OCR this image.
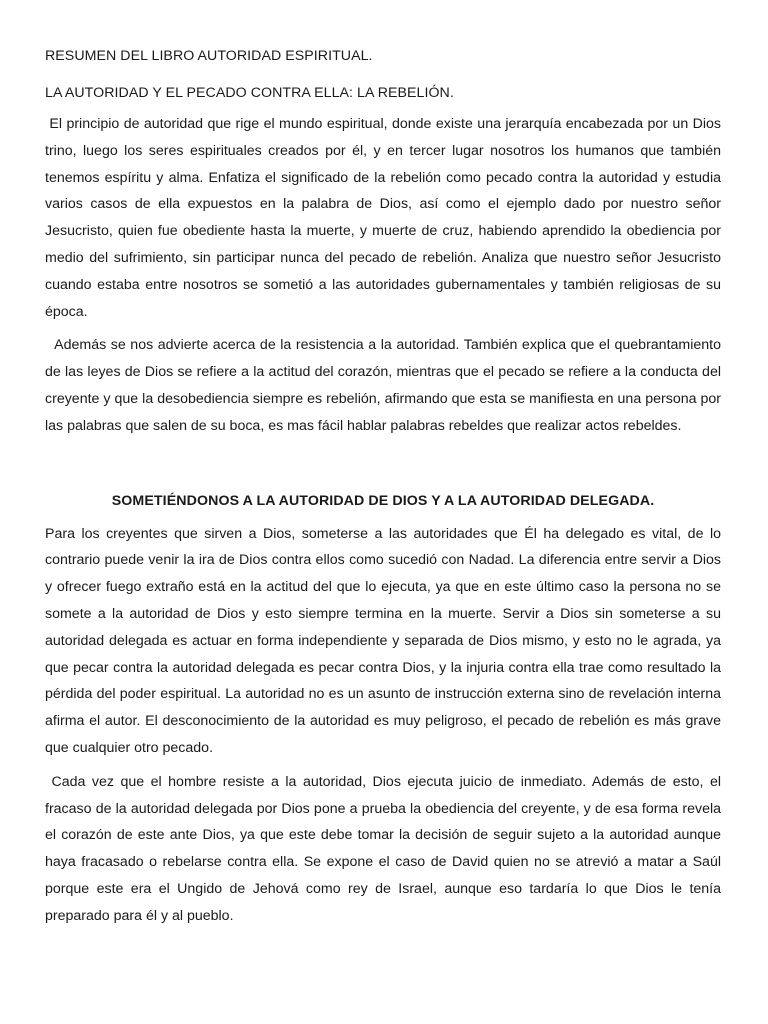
RESUMEN DEL LIBRO AUTORIDAD ESPIRITUAL.

LA AUTORIDAD Y EL PECADO CONTRA ELLA: LA REBELIÓN.

El principio de autoridad que rige el mundo espiritual, donde existe una jerarquía encabezada por un Dios trino, luego los seres espirituales creados por él, y en tercer lugar nosotros los humanos que también tenemos espíritu y alma. Enfatiza el significado de la rebelión como pecado contra la autoridad y estudia varios casos de ella expuestos en la palabra de Dios, así como el ejemplo dado por nuestro señor Jesucristo, quien fue obediente hasta la muerte, y muerte de cruz, habiendo aprendido la obediencia por medio del sufrimiento, sin participar nunca del pecado de rebelión. Analiza que nuestro señor Jesucristo cuando estaba entre nosotros se sometió a las autoridades gubernamentales y también religiosas de su época.

Además se nos advierte acerca de la resistencia a la autoridad. También explica que el quebrantamiento de las leyes de Dios se refiere a la actitud del corazón, mientras que el pecado se refiere a la conducta del creyente y que la desobediencia siempre es rebelión, afirmando que esta se manifiesta en una persona por las palabras que salen de su boca, es mas fácil hablar palabras rebeldes que realizar actos rebeldes.

SOMETIÉNDONOS A LA AUTORIDAD DE DIOS Y A LA AUTORIDAD DELEGADA.

Para los creyentes que sirven a Dios, someterse a las autoridades que Él ha delegado es vital, de lo contrario puede venir la ira de Dios contra ellos como sucedió con Nadad. La diferencia entre servir a Dios y ofrecer fuego extraño está en la actitud del que lo ejecuta, ya que en este último caso la persona no se somete a la autoridad de Dios y esto siempre termina en la muerte. Servir a Dios sin someterse a su autoridad delegada es actuar en forma independiente y separada de Dios mismo, y esto no le agrada, ya que pecar contra la autoridad delegada es pecar contra Dios, y la injuria contra ella trae como resultado la pérdida del poder espiritual. La autoridad no es un asunto de instrucción externa sino de revelación interna afirma el autor. El desconocimiento de la autoridad es muy peligroso, el pecado de rebelión es más grave que cualquier otro pecado.

Cada vez que el hombre resiste a la autoridad, Dios ejecuta juicio de inmediato. Además de esto, el fracaso de la autoridad delegada por Dios pone a prueba la obediencia del creyente, y de esa forma revela el corazón de este ante Dios, ya que este debe tomar la decisión de seguir sujeto a la autoridad aunque haya fracasado o rebelarse contra ella. Se expone el caso de David quien no se atrevió a matar a Saúl porque este era el Ungido de Jehová como rey de Israel, aunque eso tardaría lo que Dios le tenía preparado para él y al pueblo.
